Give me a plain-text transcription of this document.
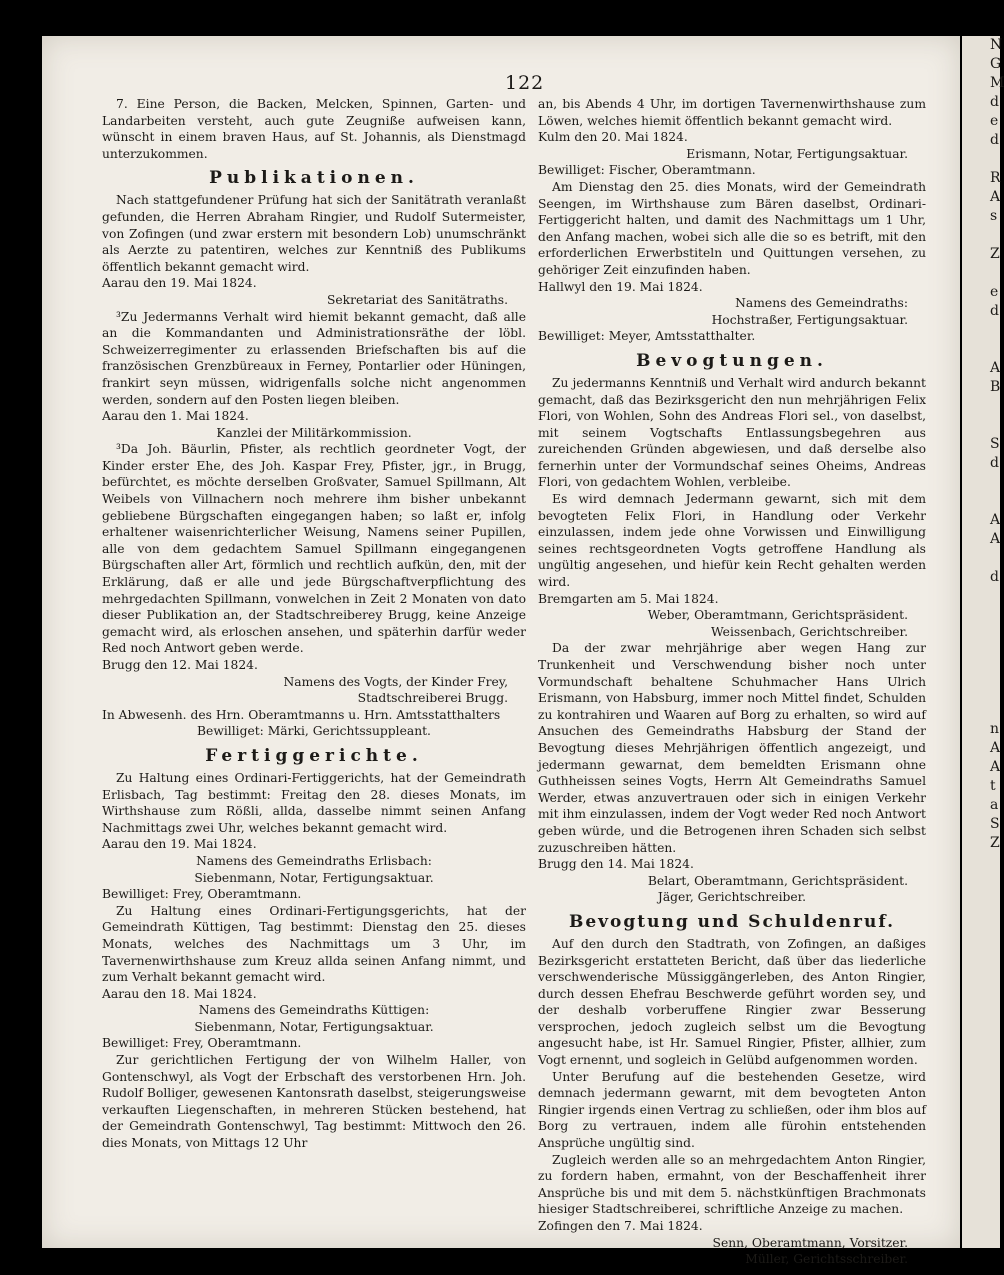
N
G
M
d
e
d

R
A
s

Z

e
d

A
B

S
d

A
A

d

n
A
A
t
a
S
Z
122

7. Eine Person, die Backen, Melcken, Spinnen, Garten- und Landarbeiten versteht, auch gute Zeugniße aufweisen kann, wünscht in einem braven Haus, auf St. Johannis, als Dienstmagd unterzukommen.

Publikationen.

Nach stattgefundener Prüfung hat sich der Sanitätrath veranlaßt gefunden, die Herren Abraham Ringier, und Rudolf Sutermeister, von Zofingen (und zwar erstern mit besondern Lob) unumschränkt als Aerzte zu patentiren, welches zur Kenntniß des Publikums öffentlich bekannt gemacht wird.

Aarau den 19. Mai 1824.

Sekretariat des Sanitätraths.

³Zu Jedermanns Verhalt wird hiemit bekannt gemacht, daß alle an die Kommandanten und Administrationsräthe der löbl. Schweizerregimenter zu erlassenden Briefschaften bis auf die französischen Grenzbüreaux in Ferney, Pontarlier oder Hüningen, frankirt seyn müssen, widrigenfalls solche nicht angenommen werden, sondern auf den Posten liegen bleiben.

Aarau den 1. Mai 1824.

Kanzlei der Militärkommission.

³Da Joh. Bäurlin, Pfister, als rechtlich geordneter Vogt, der Kinder erster Ehe, des Joh. Kaspar Frey, Pfister, jgr., in Brugg, befürchtet, es möchte derselben Großvater, Samuel Spillmann, Alt Weibels von Villnachern noch mehrere ihm bisher unbekannt gebliebene Bürgschaften eingegangen haben; so laßt er, infolg erhaltener waisenrichterlicher Weisung, Namens seiner Pupillen, alle von dem gedachtem Samuel Spillmann eingegangenen Bürgschaften aller Art, förmlich und rechtlich aufkün, den, mit der Erklärung, daß er alle und jede Bürgschaftverpflichtung des mehrgedachten Spillmann, vonwelchen in Zeit 2 Monaten von dato dieser Publikation an, der Stadtschreiberey Brugg, keine Anzeige gemacht wird, als erloschen ansehen, und späterhin darfür weder Red noch Antwort geben werde.

Brugg den 12. Mai 1824.

Namens des Vogts, der Kinder Frey,

Stadtschreiberei Brugg.

In Abwesenh. des Hrn. Oberamtmanns u. Hrn. Amtsstatthalters

Bewilliget: Märki, Gerichtssuppleant.

Fertiggerichte.

Zu Haltung eines Ordinari-Fertiggerichts, hat der Gemeindrath Erlisbach, Tag bestimmt: Freitag den 28. dieses Monats, im Wirthshause zum Rößli, allda, dasselbe nimmt seinen Anfang Nachmittags zwei Uhr, welches bekannt gemacht wird.

Aarau den 19. Mai 1824.

Namens des Gemeindraths Erlisbach:

Siebenmann, Notar, Fertigungsaktuar.

Bewilliget: Frey, Oberamtmann.

Zu Haltung eines Ordinari-Fertigungsgerichts, hat der Gemeindrath Küttigen, Tag bestimmt: Dienstag den 25. dieses Monats, welches des Nachmittags um 3 Uhr, im Tavernenwirthshause zum Kreuz allda seinen Anfang nimmt, und zum Verhalt bekannt gemacht wird.

Aarau den 18. Mai 1824.

Namens des Gemeindraths Küttigen:

Siebenmann, Notar, Fertigungsaktuar.

Bewilliget: Frey, Oberamtmann.

Zur gerichtlichen Fertigung der von Wilhelm Haller, von Gontenschwyl, als Vogt der Erbschaft des verstorbenen Hrn. Joh. Rudolf Bolliger, gewesenen Kantonsrath daselbst, steigerungsweise verkauften Liegenschaften, in mehreren Stücken bestehend, hat der Gemeindrath Gontenschwyl, Tag bestimmt: Mittwoch den 26. dies Monats, von Mittags 12 Uhr

an, bis Abends 4 Uhr, im dortigen Tavernenwirthshause zum Löwen, welches hiemit öffentlich bekannt gemacht wird.

Kulm den 20. Mai 1824.

Erismann, Notar, Fertigungsaktuar.

Bewilliget: Fischer, Oberamtmann.

Am Dienstag den 25. dies Monats, wird der Gemeindrath Seengen, im Wirthshause zum Bären daselbst, Ordinari-Fertiggericht halten, und damit des Nachmittags um 1 Uhr, den Anfang machen, wobei sich alle die so es betrift, mit den erforderlichen Erwerbstiteln und Quittungen versehen, zu gehöriger Zeit einzufinden haben.

Hallwyl den 19. Mai 1824.

Namens des Gemeindraths:

Hochstraßer, Fertigungsaktuar.

Bewilliget: Meyer, Amtsstatthalter.

Bevogtungen.

Zu jedermanns Kenntniß und Verhalt wird andurch bekannt gemacht, daß das Bezirksgericht den nun mehrjährigen Felix Flori, von Wohlen, Sohn des Andreas Flori sel., von daselbst, mit seinem Vogtschafts Entlassungsbegehren aus zureichenden Gründen abgewiesen, und daß derselbe also fernerhin unter der Vormundschaf seines Oheims, Andreas Flori, von gedachtem Wohlen, verbleibe.

Es wird demnach Jedermann gewarnt, sich mit dem bevogteten Felix Flori, in Handlung oder Verkehr einzulassen, indem jede ohne Vorwissen und Einwilligung seines rechtsgeordneten Vogts getroffene Handlung als ungültig angesehen, und hiefür kein Recht gehalten werden wird.

Bremgarten am 5. Mai 1824.

Weber, Oberamtmann, Gerichtspräsident.

Weissenbach, Gerichtschreiber.

Da der zwar mehrjährige aber wegen Hang zur Trunkenheit und Verschwendung bisher noch unter Vormundschaft behaltene Schuhmacher Hans Ulrich Erismann, von Habsburg, immer noch Mittel findet, Schulden zu kontrahiren und Waaren auf Borg zu erhalten, so wird auf Ansuchen des Gemeindraths Habsburg der Stand der Bevogtung dieses Mehrjährigen öffentlich angezeigt, und jedermann gewarnat, dem bemeldten Erismann ohne Guthheissen seines Vogts, Herrn Alt Gemeindraths Samuel Werder, etwas anzuvertrauen oder sich in einigen Verkehr mit ihm einzulassen, indem der Vogt weder Red noch Antwort geben würde, und die Betrogenen ihren Schaden sich selbst zuzuschreiben hätten.

Brugg den 14. Mai 1824.

Belart, Oberamtmann, Gerichtspräsident.

Jäger, Gerichtschreiber.

Bevogtung und Schuldenruf.

Auf den durch den Stadtrath, von Zofingen, an daßiges Bezirksgericht erstatteten Bericht, daß über das liederliche verschwenderische Müssiggängerleben, des Anton Ringier, durch dessen Ehefrau Beschwerde geführt worden sey, und der deshalb vorberuffene Ringier zwar Besserung versprochen, jedoch zugleich selbst um die Bevogtung angesucht habe, ist Hr. Samuel Ringier, Pfister, allhier, zum Vogt ernennt, und sogleich in Gelübd aufgenommen worden.

Unter Berufung auf die bestehenden Gesetze, wird demnach jedermann gewarnt, mit dem bevogteten Anton Ringier irgends einen Vertrag zu schließen, oder ihm blos auf Borg zu vertrauen, indem alle fürohin entstehenden Ansprüche ungültig sind.

Zugleich werden alle so an mehrgedachtem Anton Ringier, zu fordern haben, ermahnt, von der Beschaffenheit ihrer Ansprüche bis und mit dem 5. nächstkünftigen Brachmonats hiesiger Stadtschreiberei, schriftliche Anzeige zu machen.

Zofingen den 7. Mai 1824.

Senn, Oberamtmann, Vorsitzer.

Müller, Gerichtsschreiber.
